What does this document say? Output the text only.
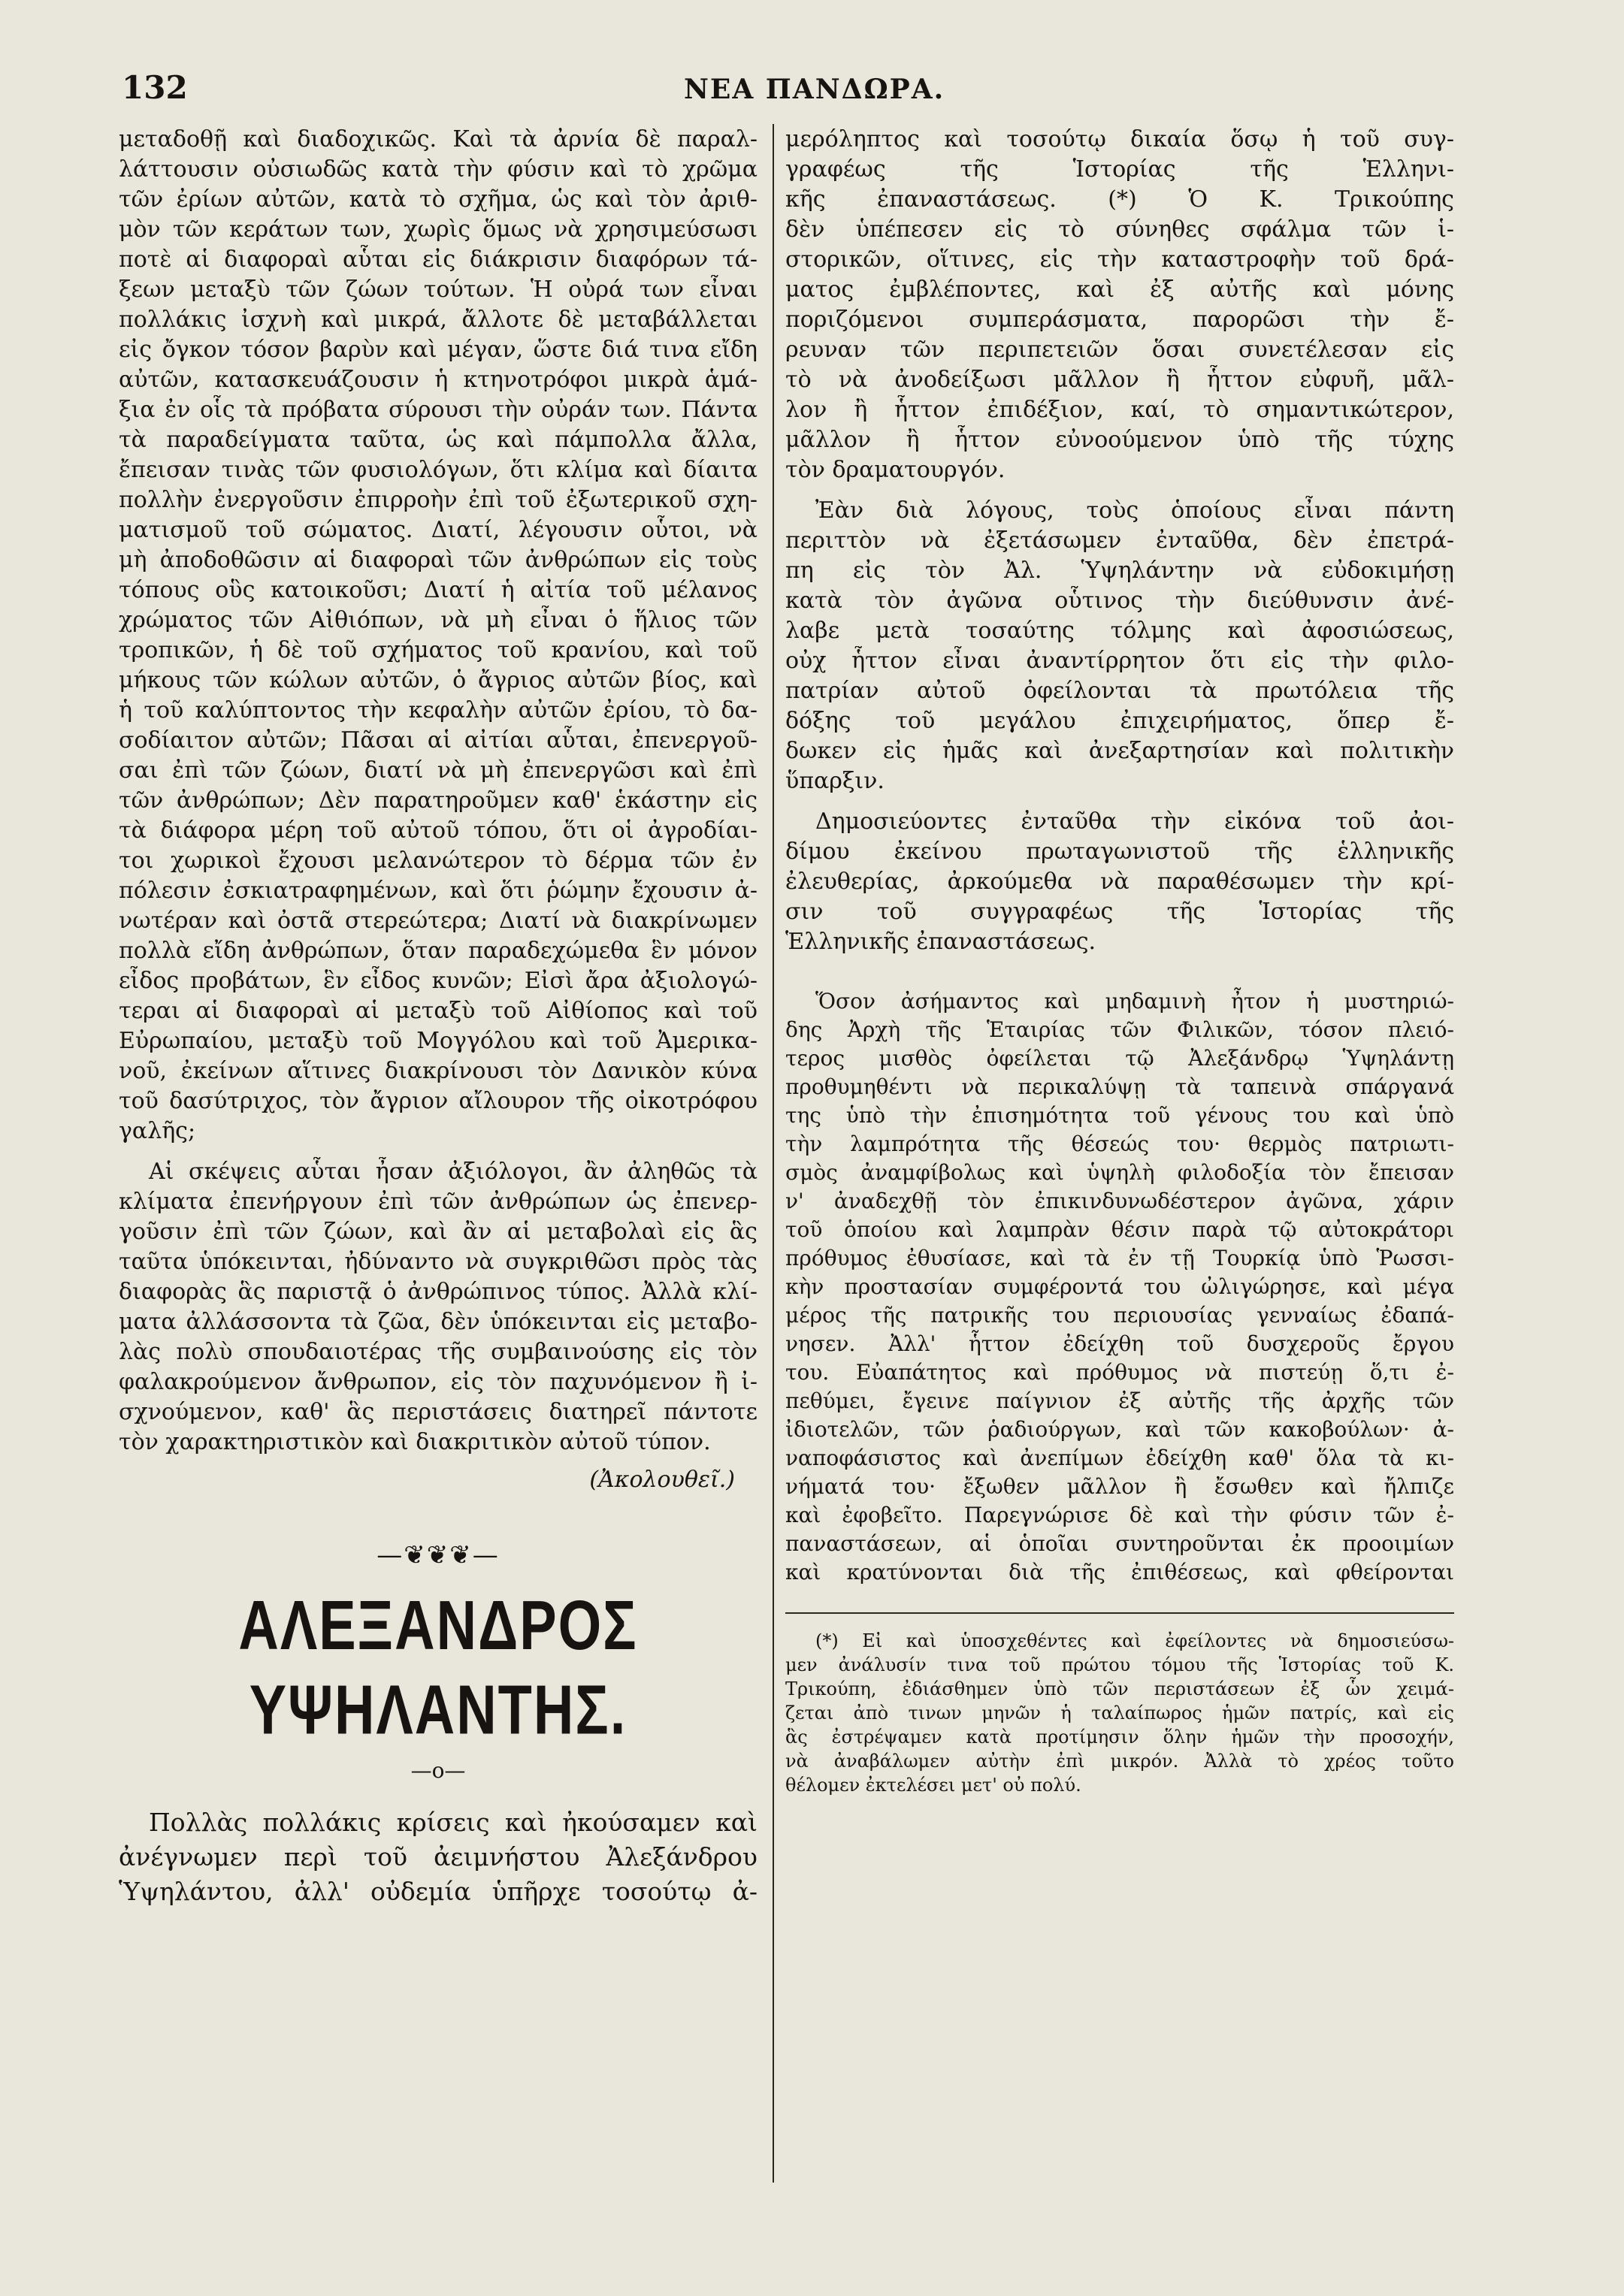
132	ΝΕΑ ΠΑΝΔΩΡΑ.
μεταδοθῇ καὶ διαδοχικῶς. Καὶ τὰ ἀρνία δὲ παραλ-
λάττουσιν οὐσιωδῶς κατὰ τὴν φύσιν καὶ τὸ χρῶμα
τῶν ἐρίων αὐτῶν, κατὰ τὸ σχῆμα, ὡς καὶ τὸν ἀριθ-
μὸν τῶν κεράτων των, χωρὶς ὅμως νὰ χρησιμεύσωσι
ποτὲ αἱ διαφοραὶ αὗται εἰς διάκρισιν διαφόρων τά-
ξεων μεταξὺ τῶν ζώων τούτων. Ἡ οὐρά των εἶναι
πολλάκις ἰσχνὴ καὶ μικρά, ἄλλοτε δὲ μεταβάλλεται
εἰς ὄγκον τόσον βαρὺν καὶ μέγαν, ὥστε διά τινα εἴδη
αὐτῶν, κατασκευάζουσιν ἡ κτηνοτρόφοι μικρὰ ἁμά-
ξια ἐν οἷς τὰ πρόβατα σύρουσι τὴν οὐράν των. Πάντα
τὰ παραδείγματα ταῦτα, ὡς καὶ πάμπολλα ἄλλα,
ἔπεισαν τινὰς τῶν φυσιολόγων, ὅτι κλίμα καὶ δίαιτα
πολλὴν ἐνεργοῦσιν ἐπιρροὴν ἐπὶ τοῦ ἐξωτερικοῦ σχη-
ματισμοῦ τοῦ σώματος. Διατί, λέγουσιν οὗτοι, νὰ
μὴ ἀποδοθῶσιν αἱ διαφοραὶ τῶν ἀνθρώπων εἰς τοὺς
τόπους οὓς κατοικοῦσι; Διατί ἡ αἰτία τοῦ μέλανος
χρώματος τῶν Αἰθιόπων, νὰ μὴ εἶναι ὁ ἥλιος τῶν
τροπικῶν, ἡ δὲ τοῦ σχήματος τοῦ κρανίου, καὶ τοῦ
μήκους τῶν κώλων αὐτῶν, ὁ ἄγριος αὐτῶν βίος, καὶ
ἡ τοῦ καλύπτοντος τὴν κεφαλὴν αὐτῶν ἐρίου, τὸ δα-
σοδίαιτον αὐτῶν; Πᾶσαι αἱ αἰτίαι αὗται, ἐπενεργοῦ-
σαι ἐπὶ τῶν ζώων, διατί νὰ μὴ ἐπενεργῶσι καὶ ἐπὶ
τῶν ἀνθρώπων; Δὲν παρατηροῦμεν καθ' ἑκάστην εἰς
τὰ διάφορα μέρη τοῦ αὐτοῦ τόπου, ὅτι οἱ ἀγροδίαι-
τοι χωρικοὶ ἔχουσι μελανώτερον τὸ δέρμα τῶν ἐν
πόλεσιν ἐσκιατραφημένων, καὶ ὅτι ῥώμην ἔχουσιν ἀ-
νωτέραν καὶ ὀστᾶ στερεώτερα; Διατί νὰ διακρίνωμεν
πολλὰ εἴδη ἀνθρώπων, ὅταν παραδεχώμεθα ἓν μόνον
εἶδος προβάτων, ἓν εἶδος κυνῶν; Εἰσὶ ἄρα ἀξιολογώ-
τεραι αἱ διαφοραὶ αἱ μεταξὺ τοῦ Αἰθίοπος καὶ τοῦ
Εὐρωπαίου, μεταξὺ τοῦ Μογγόλου καὶ τοῦ Ἀμερικα-
νοῦ, ἐκείνων αἵτινες διακρίνουσι τὸν Δανικὸν κύνα
τοῦ δασύτριχος, τὸν ἄγριον αἴλουρον τῆς οἰκοτρόφου
γαλῆς;
Αἱ σκέψεις αὗται ἦσαν ἀξιόλογοι, ἂν ἀληθῶς τὰ
κλίματα ἐπενήργουν ἐπὶ τῶν ἀνθρώπων ὡς ἐπενερ-
γοῦσιν ἐπὶ τῶν ζώων, καὶ ἂν αἱ μεταβολαὶ εἰς ἃς
ταῦτα ὑπόκεινται, ἠδύναντο νὰ συγκριθῶσι πρὸς τὰς
διαφορὰς ἃς παριστᾷ ὁ ἀνθρώπινος τύπος. Ἀλλὰ κλί-
ματα ἀλλάσσοντα τὰ ζῶα, δὲν ὑπόκεινται εἰς μεταβο-
λὰς πολὺ σπουδαιοτέρας τῆς συμβαινούσης εἰς τὸν
φαλακρούμενον ἄνθρωπον, εἰς τὸν παχυνόμενον ἢ ἰ-
σχνούμενον, καθ' ἃς περιστάσεις διατηρεῖ πάντοτε
τὸν χαρακτηριστικὸν καὶ διακριτικὸν αὐτοῦ τύπον.
(Ἀκολουθεῖ.)
—❦❦❦—
ΑΛΕΞΑΝΔΡΟΣ ΥΨΗΛΑΝΤΗΣ.
—o—
Πολλὰς πολλάκις κρίσεις καὶ ἠκούσαμεν καὶ
ἀνέγνωμεν περὶ τοῦ ἀειμνήστου Ἀλεξάνδρου
Ὑψηλάντου, ἀλλ' οὐδεμία ὑπῆρχε τοσούτῳ ἀ-
μερόληπτος καὶ τοσούτῳ δικαία ὅσῳ ἡ τοῦ συγ-
γραφέως τῆς Ἱστορίας τῆς Ἑλληνι-
κῆς ἐπαναστάσεως. (*) Ὁ Κ. Τρικούπης
δὲν ὑπέπεσεν εἰς τὸ σύνηθες σφάλμα τῶν ἱ-
στορικῶν, οἵτινες, εἰς τὴν καταστροφὴν τοῦ δρά-
ματος ἐμβλέποντες, καὶ ἐξ αὐτῆς καὶ μόνης
πoριζόμενοι συμπεράσματα, παρορῶσι τὴν ἔ-
ρευναν τῶν περιπετειῶν ὅσαι συνετέλεσαν εἰς
τὸ νὰ ἀνοδείξωσι μᾶλλον ἢ ἧττον εὐφυῆ, μᾶλ-
λον ἢ ἧττον ἐπιδέξιον, καί, τὸ σημαντικώτερον,
μᾶλλον ἢ ἧττον εὐνοούμενον ὑπὸ τῆς τύχης
τὸν δραματουργόν.
Ἐὰν διὰ λόγους, τοὺς ὁποίους εἶναι πάντη
περιττὸν νὰ ἐξετάσωμεν ἐνταῦθα, δὲν ἐπετρά-
πη εἰς τὸν Ἀλ. Ὑψηλάντην νὰ εὐδοκιμήσῃ
κατὰ τὸν ἀγῶνα οὗτινος τὴν διεύθυνσιν ἀνέ-
λαβε μετὰ τοσαύτης τόλμης καὶ ἀφοσιώσεως,
οὐχ ἧττον εἶναι ἀναντίρρητον ὅτι εἰς τὴν φιλο-
πατρίαν αὐτοῦ ὀφείλονται τὰ πρωτόλεια τῆς
δόξης τοῦ μεγάλου ἐπιχειρήματος, ὅπερ ἔ-
δωκεν εἰς ἡμᾶς καὶ ἀνεξαρτησίαν καὶ πολιτικὴν
ὕπαρξιν.
Δημοσιεύοντες ἐνταῦθα τὴν εἰκόνα τοῦ ἀοι-
δίμου ἐκείνου πρωταγωνιστοῦ τῆς ἑλληνικῆς
ἐλευθερίας, ἀρκούμεθα νὰ παραθέσωμεν τὴν κρί-
σιν τοῦ συγγραφέως τῆς Ἱστορίας τῆς
Ἑλληνικῆς ἐπαναστάσεως.
Ὅσον ἀσήμαντος καὶ μηδαμινὴ ἦτον ἡ μυστηριώ-
δης Ἀρχὴ τῆς Ἑταιρίας τῶν Φιλικῶν, τόσον πλειό-
τερος μισθὸς ὀφείλεται τῷ Ἀλεξάνδρῳ Ὑψηλάντῃ
προθυμηθέντι νὰ περικαλύψῃ τὰ ταπεινὰ σπάργανά
της ὑπὸ τὴν ἐπισημότητα τοῦ γένους του καὶ ὑπὸ
τὴν λαμπρότητα τῆς θέσεώς του· θερμὸς πατριωτι-
σμὸς ἀναμφίβολως καὶ ὑψηλὴ φιλοδοξία τὸν ἔπεισαν
ν' ἀναδεχθῇ τὸν ἐπικινδυνωδέστερον ἀγῶνα, χάριν
τοῦ ὁποίου καὶ λαμπρὰν θέσιν παρὰ τῷ αὐτοκράτορι
πρόθυμος ἐθυσίασε, καὶ τὰ ἐν τῇ Τουρκίᾳ ὑπὸ Ῥωσσι-
κὴν προστασίαν συμφέροντά του ὠλιγώρησε, καὶ μέγα
μέρος τῆς πατρικῆς του περιουσίας γενναίως ἐδαπά-
νησεν. Ἀλλ' ἧττον ἐδείχθη τοῦ δυσχεροῦς ἔργου
του. Εὐαπάτητος καὶ πρόθυμος νὰ πιστεύῃ ὅ,τι ἐ-
πεθύμει, ἔγεινε παίγνιον ἐξ αὐτῆς τῆς ἀρχῆς τῶν
ἰδιοτελῶν, τῶν ῥαδιούργων, καὶ τῶν κακοβούλων· ἀ-
ναποφάσιστος καὶ ἀνεπίμων ἐδείχθη καθ' ὅλα τὰ κι-
νήματά του· ἔξωθεν μᾶλλον ἢ ἔσωθεν καὶ ἤλπιζε
καὶ ἐφοβεῖτο. Παρεγνώρισε δὲ καὶ τὴν φύσιν τῶν ἐ-
παναστάσεων, αἱ ὁποῖαι συντηροῦνται ἐκ προοιμίων
καὶ κρατύνονται διὰ τῆς ἐπιθέσεως, καὶ φθείρονται
(*) Εἰ καὶ ὑποσχεθέντες καὶ ἐφείλοντες νὰ δημοσιεύσω-
μεν ἀνάλυσίν τινα τοῦ πρώτου τόμου τῆς Ἱστορίας τοῦ Κ.
Τρικούπη, ἐδιάσθημεν ὑπὸ τῶν περιστάσεων ἐξ ὧν χειμά-
ζεται ἀπὸ τινων μηνῶν ἡ ταλαίπωρος ἡμῶν πατρίς, καὶ εἰς
ἃς ἐστρέψαμεν κατὰ προτίμησιν ὅλην ἡμῶν τὴν προσοχήν,
νὰ ἀναβάλωμεν αὐτὴν ἐπὶ μικρόν. Ἀλλὰ τὸ χρέος τοῦτο
θέλομεν ἐκτελέσει μετ' οὐ πολύ.
